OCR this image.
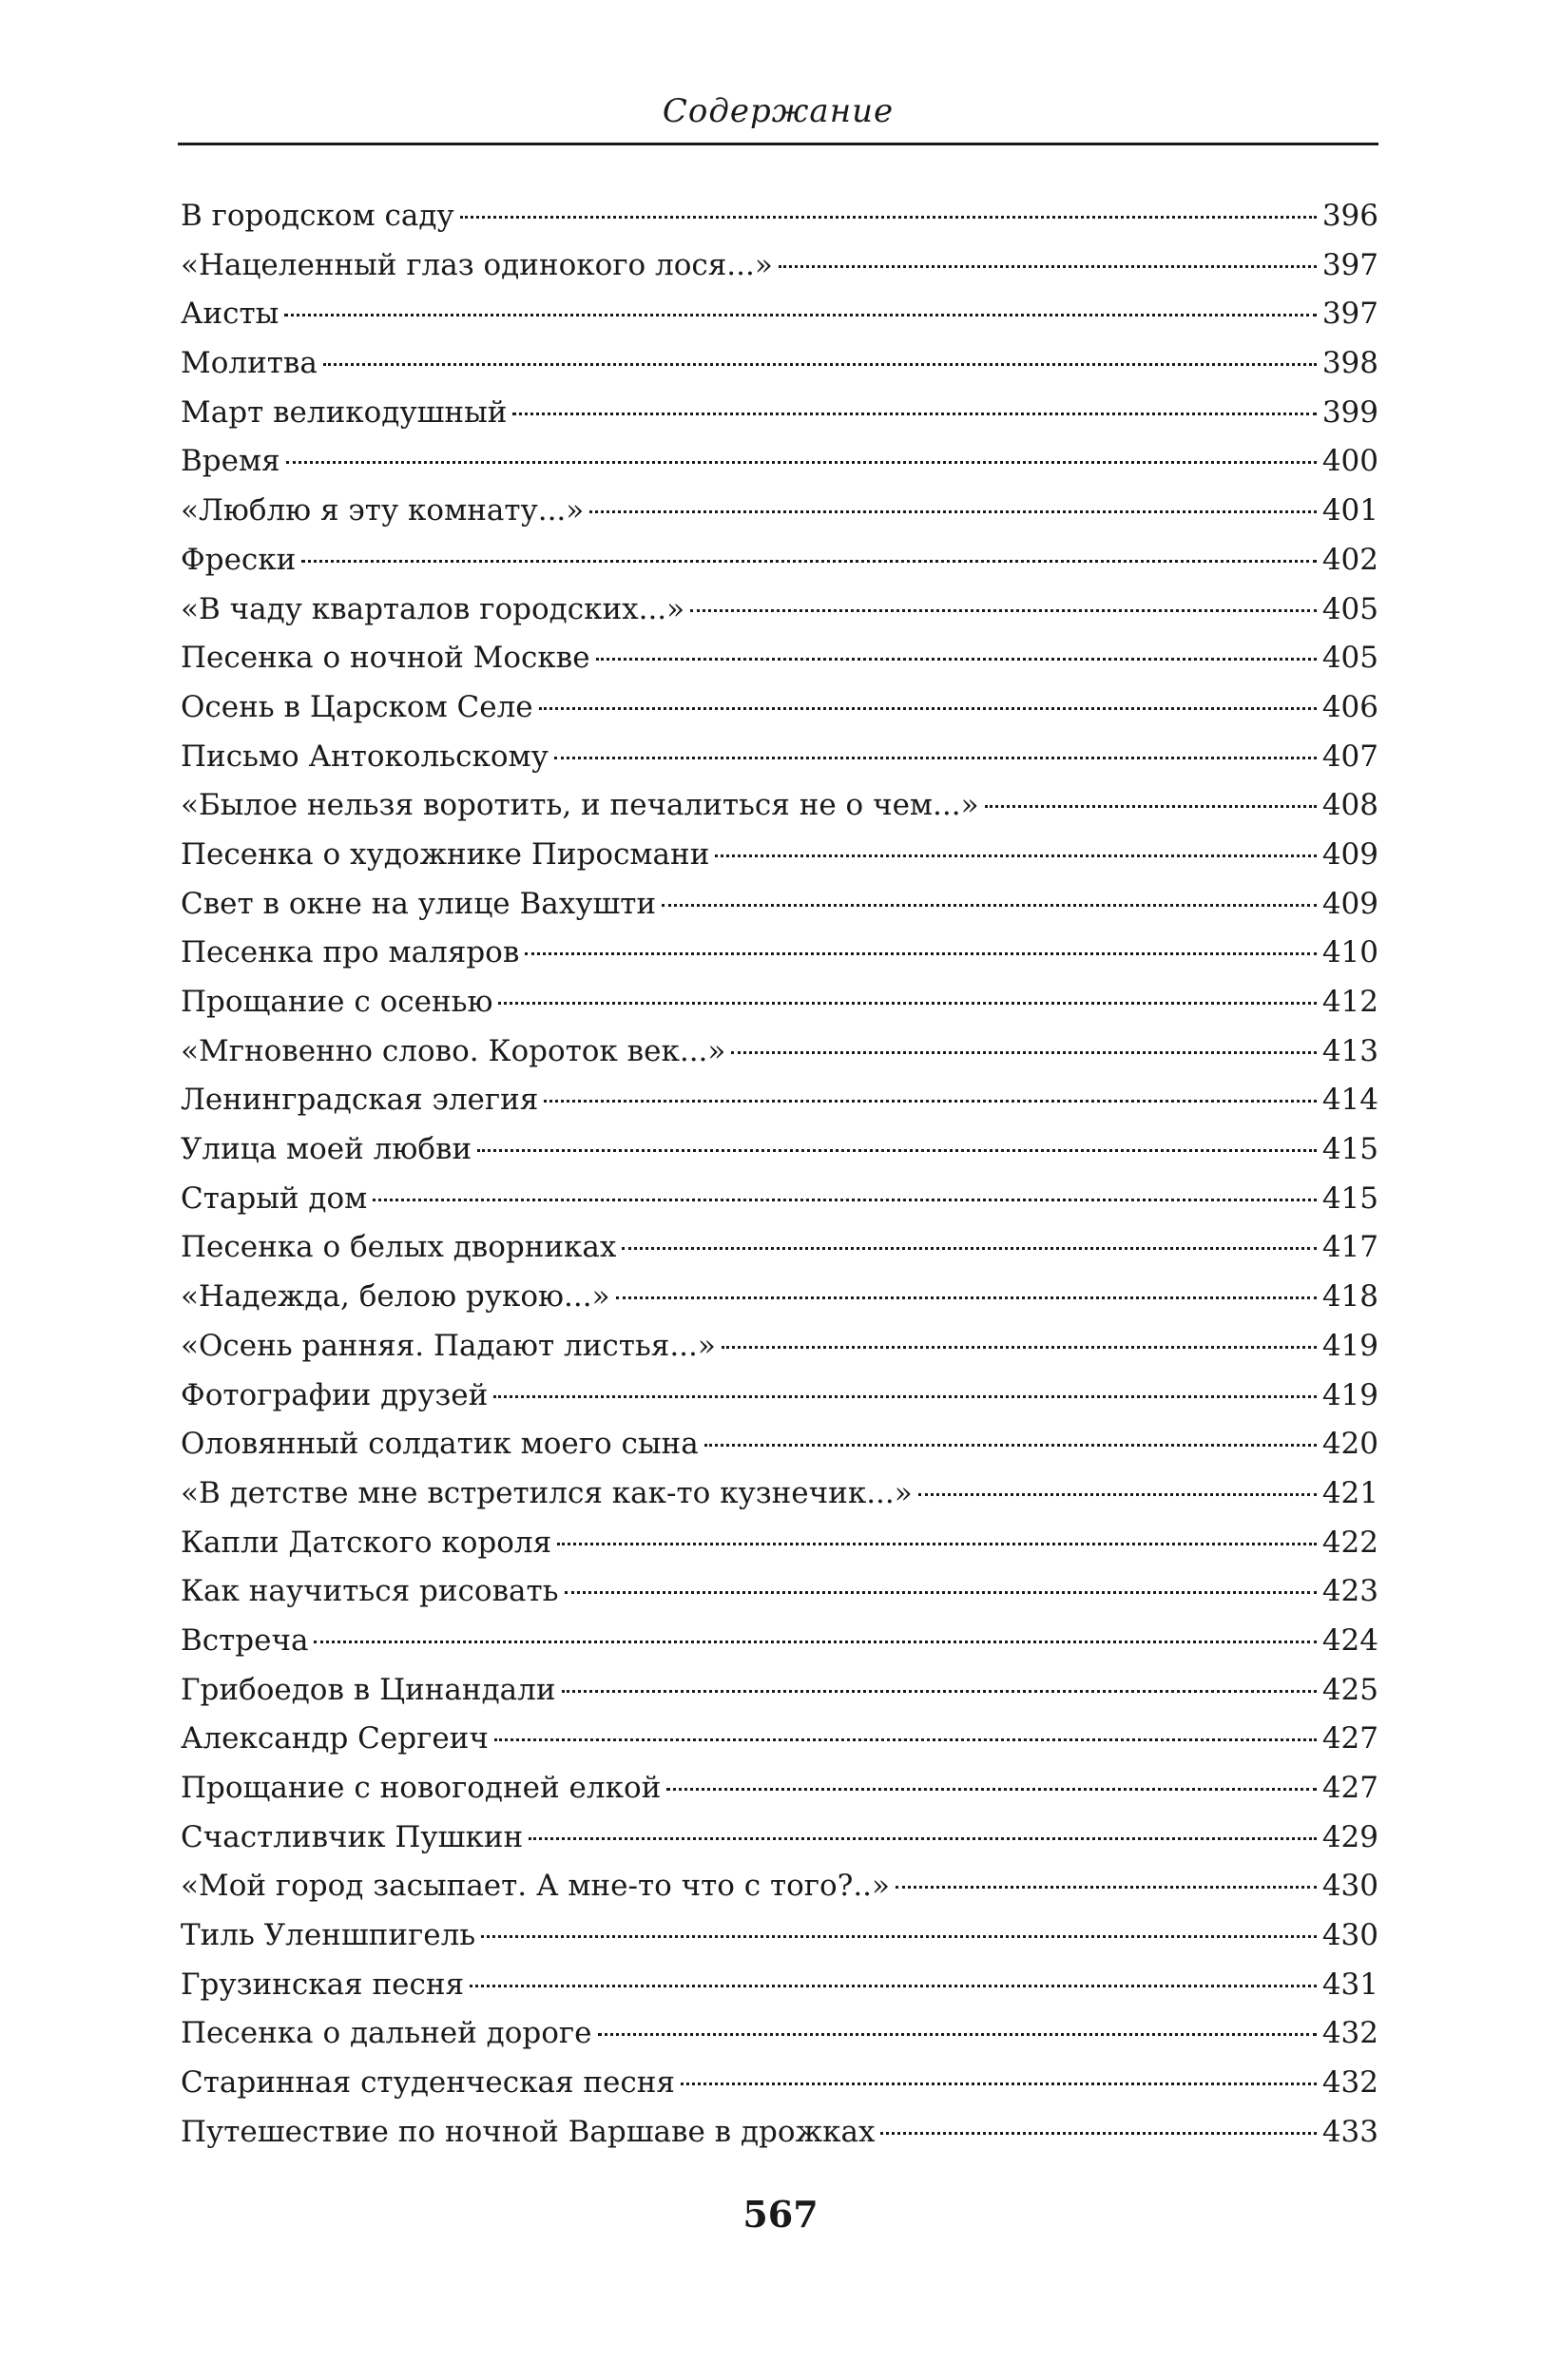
Содержание
В городском саду	396
«Нацеленный глаз одинокого лося...»	397
Аисты	397
Молитва	398
Март великодушный	399
Время	400
«Люблю я эту комнату...»	401
Фрески	402
«В чаду кварталов городских...»	405
Песенка о ночной Москве	405
Осень в Царском Селе	406
Письмо Антокольскому	407
«Былое нельзя воротить, и печалиться не о чем...»	408
Песенка о художнике Пиросмани	409
Свет в окне на улице Вахушти	409
Песенка про маляров	410
Прощание с осенью	412
«Мгновенно слово. Короток век...»	413
Ленинградская элегия	414
Улица моей любви	415
Старый дом	415
Песенка о белых дворниках	417
«Надежда, белою рукою...»	418
«Осень ранняя. Падают листья...»	419
Фотографии друзей	419
Оловянный солдатик моего сына	420
«В детстве мне встретился как-то кузнечик...»	421
Капли Датского короля	422
Как научиться рисовать	423
Встреча	424
Грибоедов в Цинандали	425
Александр Сергеич	427
Прощание с новогодней елкой	427
Счастливчик Пушкин	429
«Мой город засыпает. А мне-то что с того?..»	430
Тиль Уленшпигель	430
Грузинская песня	431
Песенка о дальней дороге	432
Старинная студенческая песня	432
Путешествие по ночной Варшаве в дрожках	433
567
